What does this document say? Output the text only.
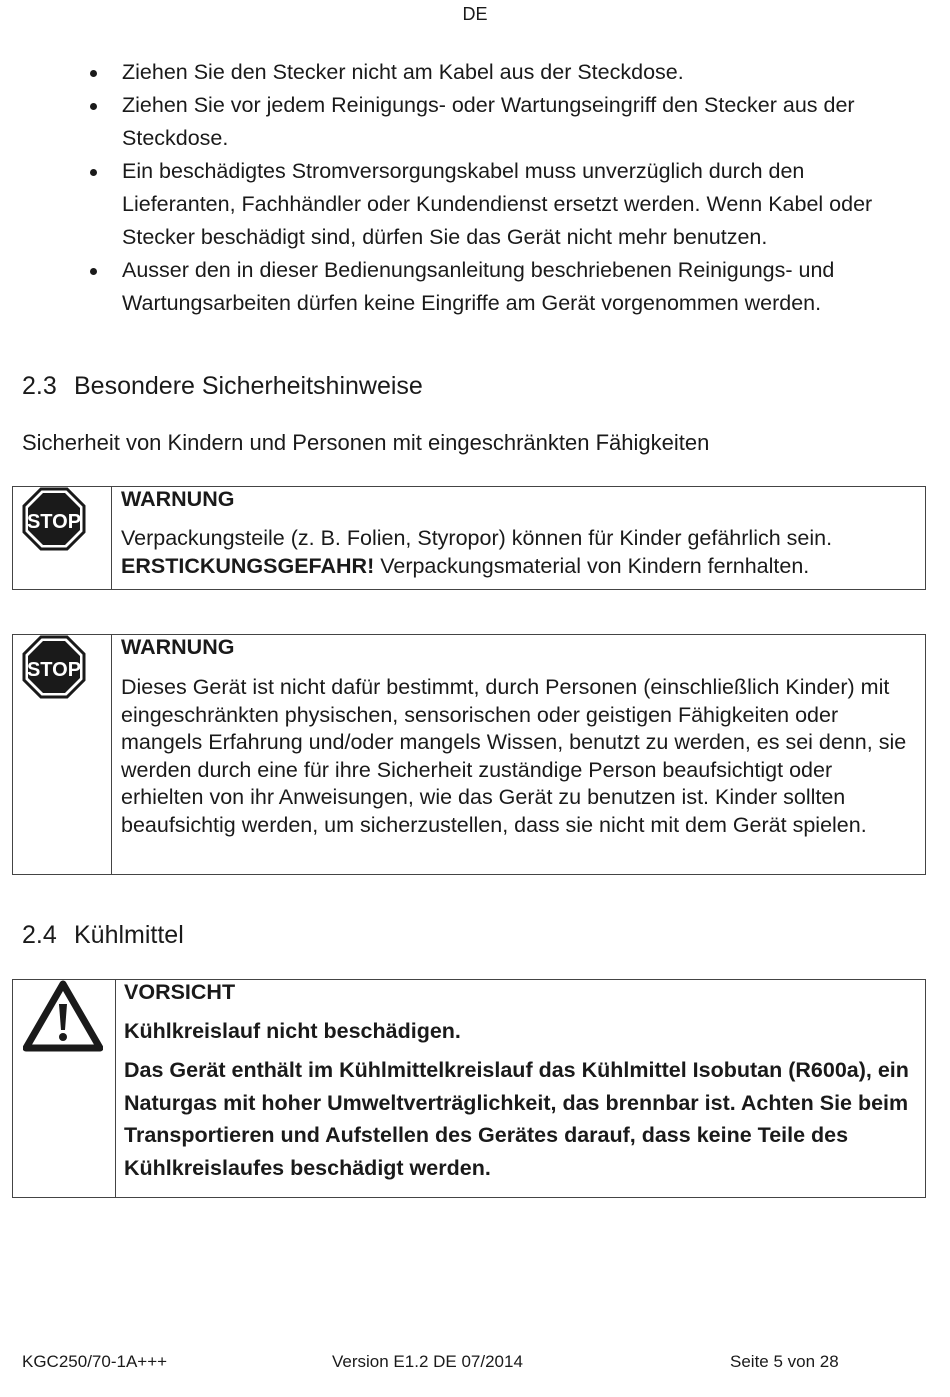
DE
Ziehen Sie den Stecker nicht am Kabel aus der Steckdose.
Ziehen Sie vor jedem Reinigungs- oder Wartungseingriff den Stecker aus der Steckdose.
Ein beschädigtes Stromversorgungskabel muss unverzüglich durch den Lieferanten, Fachhändler oder Kundendienst ersetzt werden. Wenn Kabel oder Stecker beschädigt sind, dürfen Sie das Gerät nicht mehr benutzen.
Ausser den in dieser Bedienungsanleitung beschriebenen Reinigungs- und Wartungsarbeiten dürfen keine Eingriffe am Gerät vorgenommen werden.
2.3 Besondere Sicherheitshinweise
Sicherheit von Kindern und Personen mit eingeschränkten Fähigkeiten
STOP
WARNUNG
Verpackungsteile (z. B. Folien, Styropor) können für Kinder gefährlich sein.
ERSTICKUNGSGEFAHR! Verpackungsmaterial von Kindern fernhalten.
STOP
WARNUNG
Dieses Gerät ist nicht dafür bestimmt, durch Personen (einschließlich Kinder) mit eingeschränkten physischen, sensorischen oder geistigen Fähigkeiten oder mangels Erfahrung und/oder mangels Wissen, benutzt zu werden, es sei denn, sie werden durch eine für ihre Sicherheit zuständige Person beaufsichtigt oder erhielten von ihr Anweisungen, wie das Gerät zu benutzen ist. Kinder sollten beaufsichtig werden, um sicherzustellen, dass sie nicht mit dem Gerät spielen.
2.4 Kühlmittel
VORSICHT
Kühlkreislauf nicht beschädigen.
Das Gerät enthält im Kühlmittelkreislauf das Kühlmittel Isobutan (R600a), ein Naturgas mit hoher Umweltverträglichkeit, das brennbar ist. Achten Sie beim Transportieren und Aufstellen des Gerätes darauf, dass keine Teile des Kühlkreislaufes beschädigt werden.
KGC250/70-1A+++	Version E1.2 DE 07/2014	Seite 5 von 28
